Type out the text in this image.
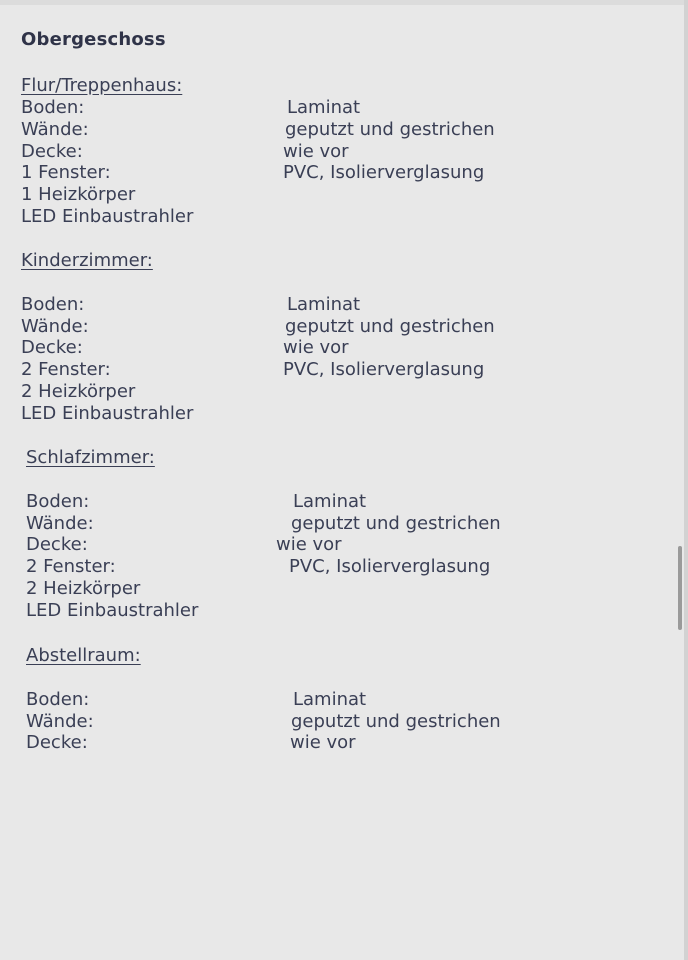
Obergeschoss
Flur/Treppenhaus:
Boden:	Laminat
Wände:	geputzt und gestrichen
Decke:	wie vor
1 Fenster:	PVC, Isolierverglasung
1 Heizkörper
LED Einbaustrahler
Kinderzimmer:
Boden:	Laminat
Wände:	geputzt und gestrichen
Decke:	wie vor
2 Fenster:	PVC, Isolierverglasung
2 Heizkörper
LED Einbaustrahler
Schlafzimmer:
Boden:	Laminat
Wände:	geputzt und gestrichen
Decke:	wie vor
2 Fenster:	PVC, Isolierverglasung
2 Heizkörper
LED Einbaustrahler
Abstellraum:
Boden:	Laminat
Wände:	geputzt und gestrichen
Decke:	wie vor
